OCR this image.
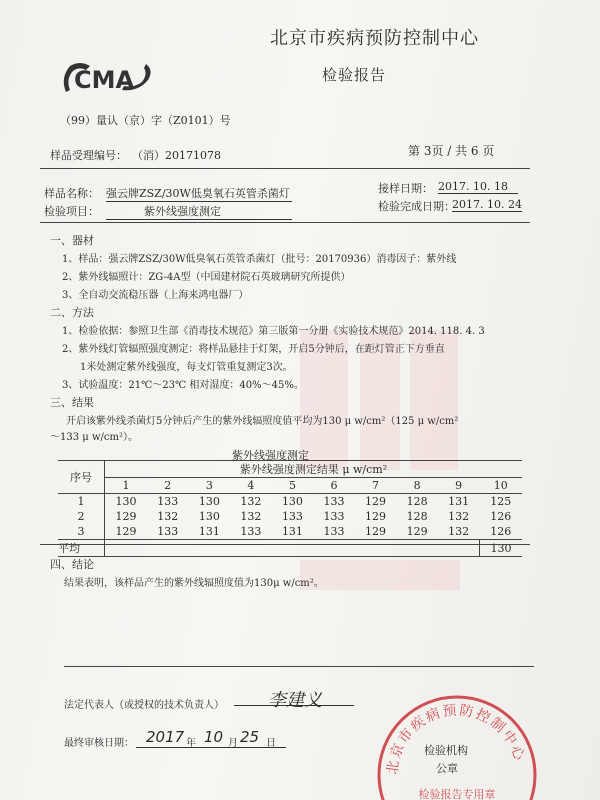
CMA
北京市疾病预防控制中心
检验报告
（99）量认（京）字（Z0101）号
样品受理编号： （消）20171078	第 3页 / 共 6 页
样品名称： 强云牌ZSZ/30W低臭氧石英管杀菌灯
检验项目：	紫外线强度测定
接样日期： 2017. 10. 18
检验完成日期：
2017. 10. 24
一、器材
1、样品：强云牌ZSZ/30W低臭氧石英管杀菌灯（批号：20170936）消毒因子：紫外线
2、紫外线辐照计：ZG-4A型（中国建材院石英玻璃研究所提供）
3、全自动交流稳压器（上海来鸿电器厂）
二、方法
1、检验依据：参照卫生部《消毒技术规范》第三版第一分册《实验技术规范》2014. 118. 4. 3
2、紫外线灯管辐照强度测定：将样品悬挂于灯架，开启5分钟后，在距灯管正下方垂直
1米处测定紫外线强度，每支灯管重复测定3次。
3、试验温度：21℃～23℃ 相对湿度：40%～45%。
三、结果
开启该紫外线杀菌灯5分钟后产生的紫外线辐照度值平均为130 μ w/cm²（125 μ w/cm²
～133 μ w/cm²）。
紫外线强度测定
序号	紫外线强度测定结果 μ w/cm²									
	1	2	3	4	5	6	7	8	9	10
1	130	133	130	132	130	133	129	128	131	125
2	129	132	130	132	133	133	129	128	132	126
3	129	133	131	133	131	133	129	129	132	126
平均										130
四、结论
结果表明，该样品产生的紫外线辐照度值为130μ w/cm²。
法定代表人（或授权的技术负责人） 李建义
最终审核日期： 2017 年 10 月 25 日
北京市疾病预防控制中心
检验报告专用章
检验机构
公章
